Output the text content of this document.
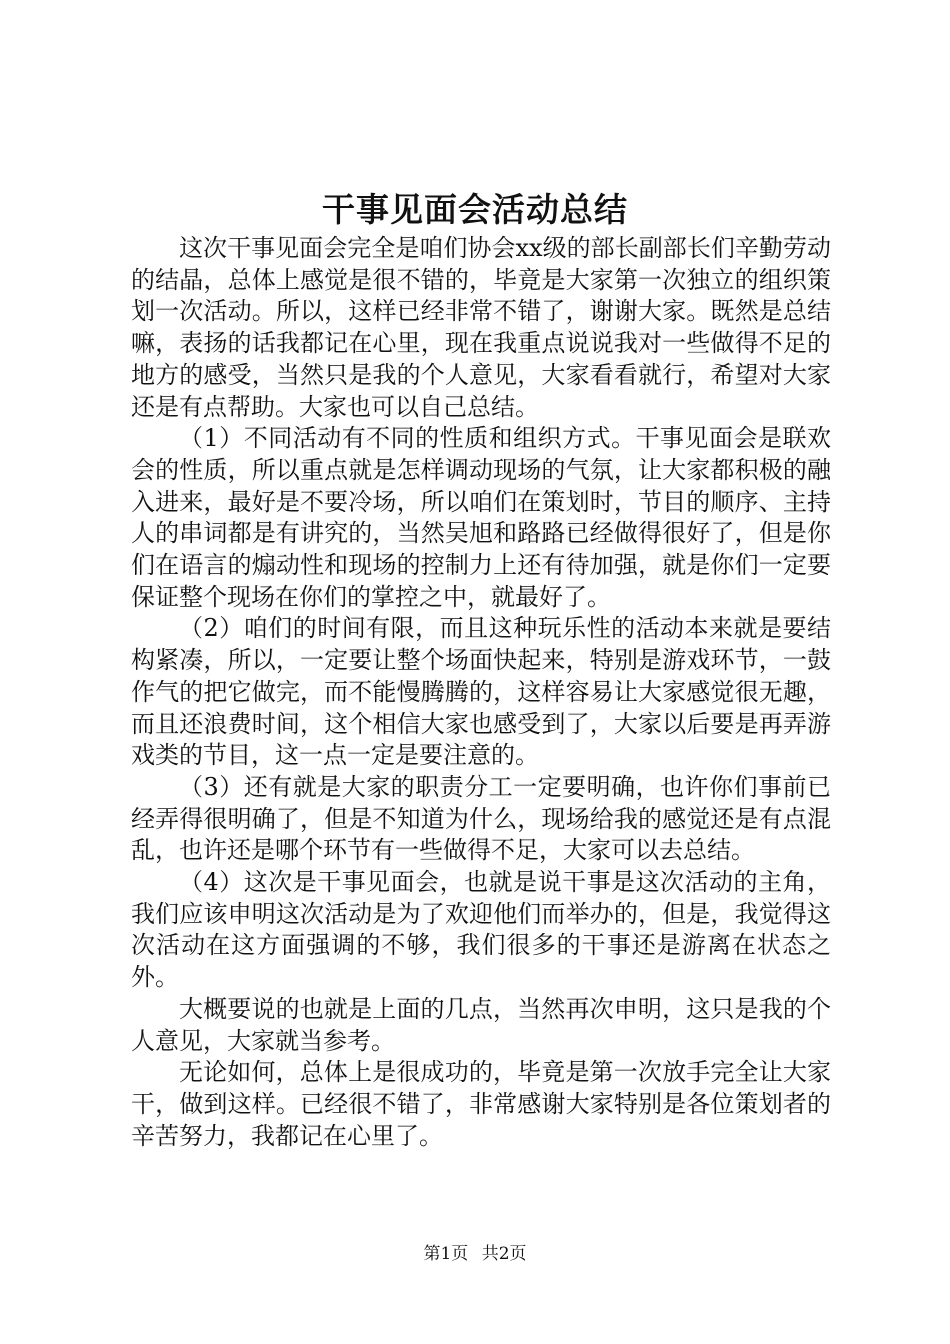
干事见面会活动总结

这次干事见面会完全是咱们协会xx级的部长副部长们辛勤劳动的结晶，总体上感觉是很不错的，毕竟是大家第一次独立的组织策划一次活动。所以，这样已经非常不错了，谢谢大家。既然是总结嘛，表扬的话我都记在心里，现在我重点说说我对一些做得不足的地方的感受，当然只是我的个人意见，大家看看就行，希望对大家还是有点帮助。大家也可以自己总结。

（1）不同活动有不同的性质和组织方式。干事见面会是联欢会的性质，所以重点就是怎样调动现场的气氛，让大家都积极的融入进来，最好是不要冷场，所以咱们在策划时，节目的顺序、主持人的串词都是有讲究的，当然吴旭和路路已经做得很好了，但是你们在语言的煽动性和现场的控制力上还有待加强，就是你们一定要保证整个现场在你们的掌控之中，就最好了。

（2）咱们的时间有限，而且这种玩乐性的活动本来就是要结构紧凑，所以，一定要让整个场面快起来，特别是游戏环节，一鼓作气的把它做完，而不能慢腾腾的，这样容易让大家感觉很无趣，而且还浪费时间，这个相信大家也感受到了，大家以后要是再弄游戏类的节目，这一点一定是要注意的。

（3）还有就是大家的职责分工一定要明确，也许你们事前已经弄得很明确了，但是不知道为什么，现场给我的感觉还是有点混乱，也许还是哪个环节有一些做得不足，大家可以去总结。

（4）这次是干事见面会，也就是说干事是这次活动的主角，我们应该申明这次活动是为了欢迎他们而举办的，但是，我觉得这次活动在这方面强调的不够，我们很多的干事还是游离在状态之外。

大概要说的也就是上面的几点，当然再次申明，这只是我的个人意见，大家就当参考。

无论如何，总体上是很成功的，毕竟是第一次放手完全让大家干，做到这样。已经很不错了，非常感谢大家特别是各位策划者的辛苦努力，我都记在心里了。

第1页 共2页
